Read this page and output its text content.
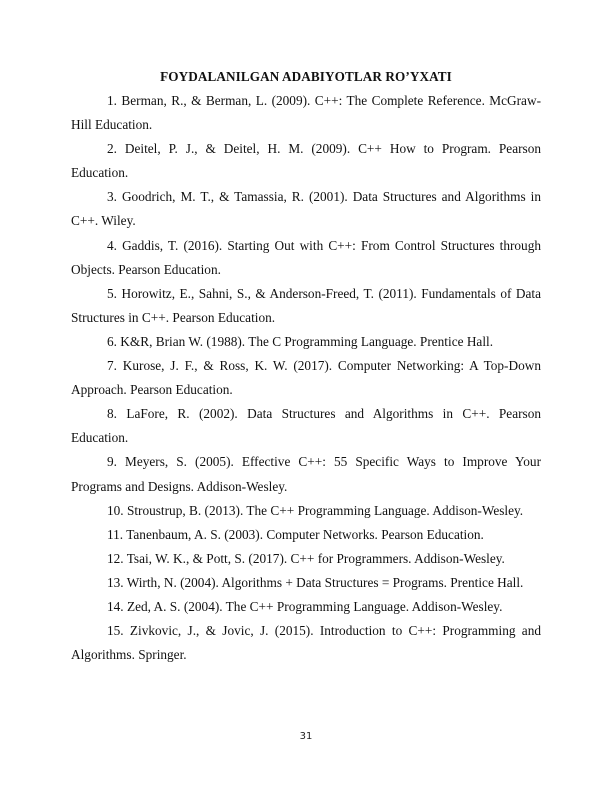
FOYDALANILGAN ADABIYOTLAR RO’YXATI

1. Berman, R., & Berman, L. (2009). C++: The Complete Reference. McGraw-Hill Education.

2. Deitel, P. J., & Deitel, H. M. (2009). C++ How to Program. Pearson Education.

3. Goodrich, M. T., & Tamassia, R. (2001). Data Structures and Algorithms in C++. Wiley.

4. Gaddis, T. (2016). Starting Out with C++: From Control Structures through Objects. Pearson Education.

5. Horowitz, E., Sahni, S., & Anderson-Freed, T. (2011). Fundamentals of Data Structures in C++. Pearson Education.

6. K&R, Brian W. (1988). The C Programming Language. Prentice Hall.

7. Kurose, J. F., & Ross, K. W. (2017). Computer Networking: A Top-Down Approach. Pearson Education.

8. LaFore, R. (2002). Data Structures and Algorithms in C++. Pearson Education.

9. Meyers, S. (2005). Effective C++: 55 Specific Ways to Improve Your Programs and Designs. Addison-Wesley.

10. Stroustrup, B. (2013). The C++ Programming Language. Addison-Wesley.

11. Tanenbaum, A. S. (2003). Computer Networks. Pearson Education.

12. Tsai, W. K., & Pott, S. (2017). C++ for Programmers. Addison-Wesley.

13. Wirth, N. (2004). Algorithms + Data Structures = Programs. Prentice Hall.

14. Zed, A. S. (2004). The C++ Programming Language. Addison-Wesley.

15. Zivkovic, J., & Jovic, J. (2015). Introduction to C++: Programming and Algorithms. Springer.

31
